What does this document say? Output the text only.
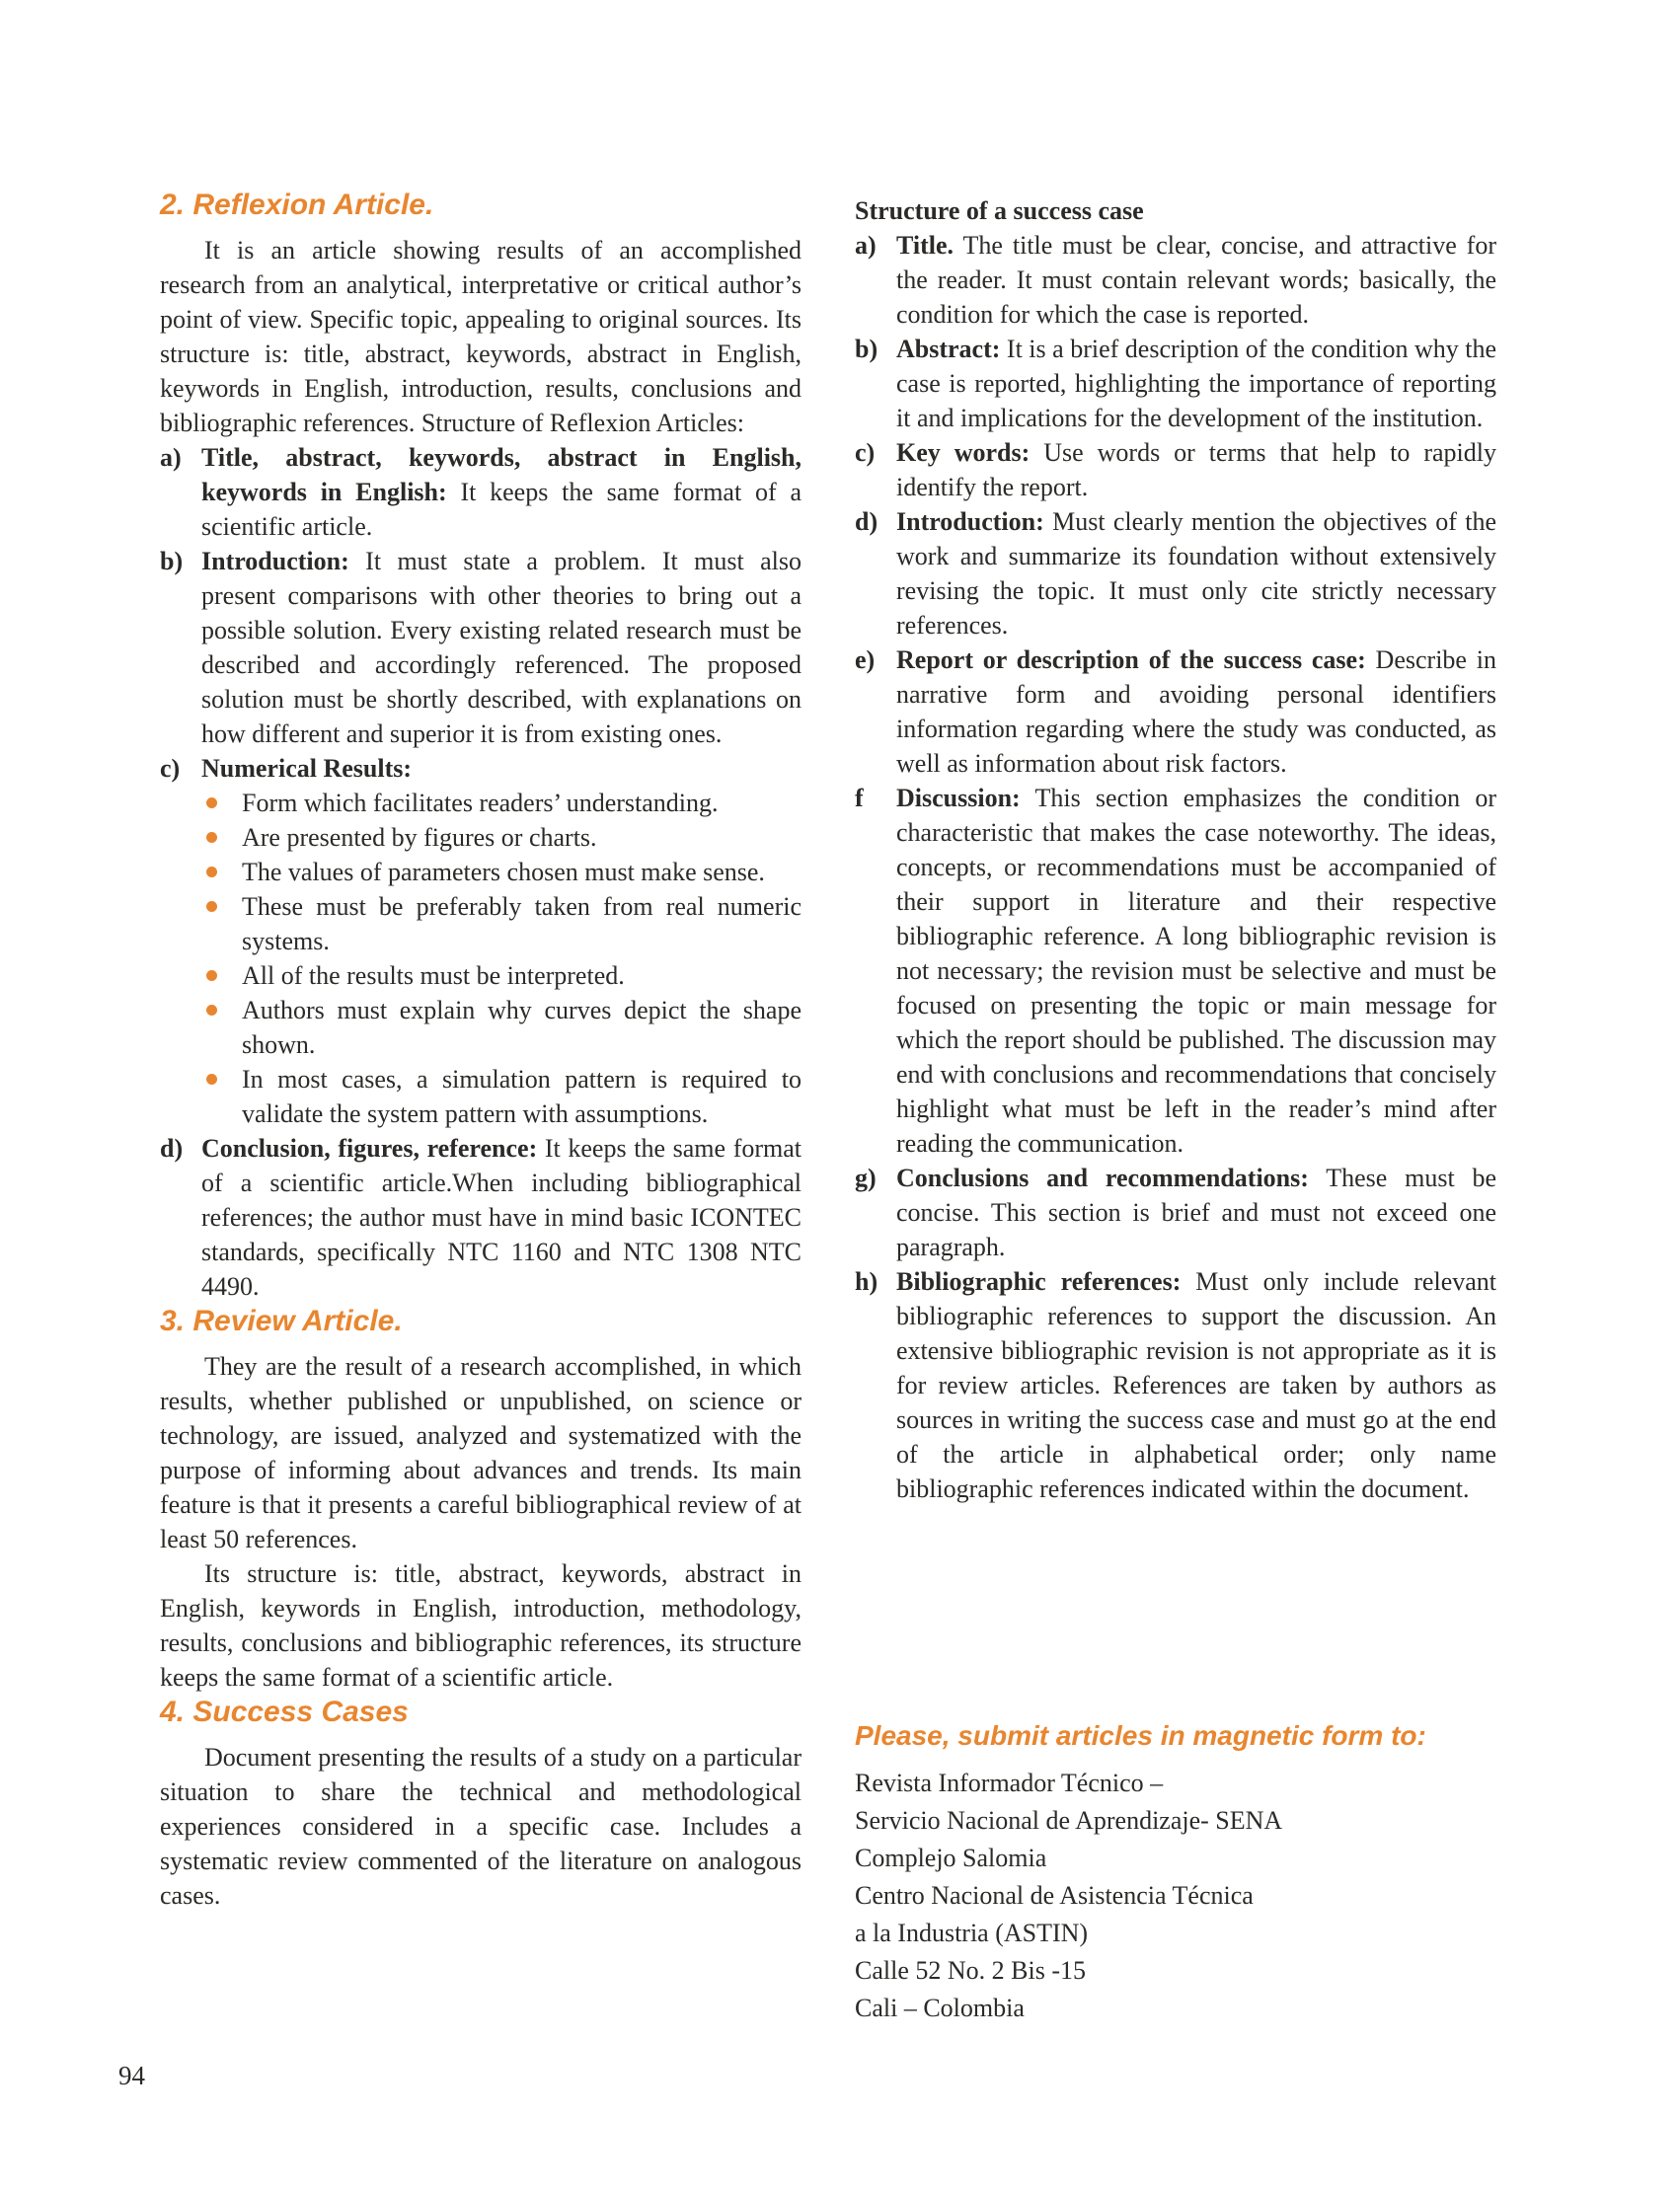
2. Reflexion Article.

It is an article showing results of an accomplished research from an analytical, interpretative or critical author’s point of view. Specific topic, appealing to original sources. Its structure is: title, abstract, keywords, abstract in English, keywords in English, introduction, results, conclusions and bibliographic references. Structure of Reflexion Articles:

a) Title, abstract, keywords, abstract in English, keywords in English: It keeps the same format of a scientific article.
b) Introduction: It must state a problem. It must also present comparisons with other theories to bring out a possible solution. Every existing related research must be described and accordingly referenced. The proposed solution must be shortly described, with explanations on how different and superior it is from existing ones.
c) Numerical Results:
Form which facilitates readers’ understanding.
Are presented by figures or charts.
The values of parameters chosen must make sense.
These must be preferably taken from real numeric systems.
All of the results must be interpreted.
Authors must explain why curves depict the shape shown.
In most cases, a simulation pattern is required to validate the system pattern with assumptions.
d) Conclusion, figures, reference: It keeps the same format of a scientific article.When including bibliographical references; the author must have in mind basic ICONTEC standards, specifically NTC 1160 and NTC 1308 NTC 4490.
3. Review Article.

They are the result of a research accomplished, in which results, whether published or unpublished, on science or technology, are issued, analyzed and systematized with the purpose of informing about advances and trends. Its main feature is that it presents a careful bibliographical review of at least 50 references.

Its structure is: title, abstract, keywords, abstract in English, keywords in English, introduction, methodology, results, conclusions and bibliographic references, its structure keeps the same format of a scientific article.

4. Success Cases

Document presenting the results of a study on a particular situation to share the technical and methodological experiences considered in a specific case. Includes a systematic review commented of the literature on analogous cases.

Structure of a success case
a) Title. The title must be clear, concise, and attractive for the reader. It must contain relevant words; basically, the condition for which the case is reported.
b) Abstract: It is a brief description of the condition why the case is reported, highlighting the importance of reporting it and implications for the development of the institution.
c) Key words: Use words or terms that help to rapidly identify the report.
d) Introduction: Must clearly mention the objectives of the work and summarize its foundation without extensively revising the topic. It must only cite strictly necessary references.
e) Report or description of the success case: Describe in narrative form and avoiding personal identifiers information regarding where the study was conducted, as well as information about risk factors.
f	Discussion: This section emphasizes the condition or characteristic that makes the case noteworthy. The ideas, concepts, or recommendations must be accompanied of their support in literature and their respective bibliographic reference. A long bibliographic revision is not necessary; the revision must be selective and must be focused on presenting the topic or main message for which the report should be published. The discussion may end with conclusions and recommendations that concisely highlight what must be left in the reader’s mind after reading the communication.
g) Conclusions and recommendations: These must be concise. This section is brief and must not exceed one paragraph.
h) Bibliographic references: Must only include relevant bibliographic references to support the discussion. An extensive bibliographic revision is not appropriate as it is for review articles. References are taken by authors as sources in writing the success case and must go at the end of the article in alphabetical order; only name bibliographic references indicated within the document.
Please, submit articles in magnetic form to:
Revista Informador Técnico –
Servicio Nacional de Aprendizaje- SENA
Complejo Salomia
Centro Nacional de Asistencia Técnica
a la Industria (ASTIN)
Calle 52 No. 2 Bis -15
Cali – Colombia
94
